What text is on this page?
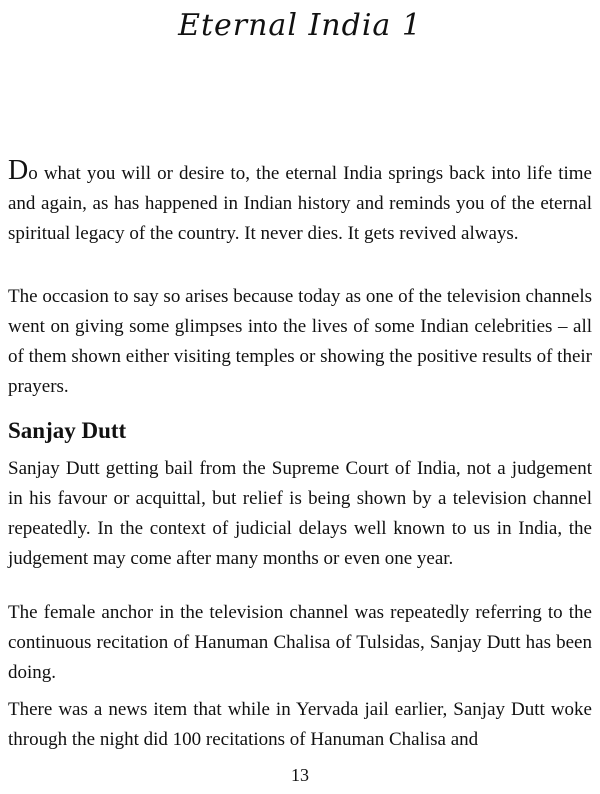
Eternal India 1

Do what you will or desire to, the eternal India springs back into life time and again, as has happened in Indian history and reminds you of the eternal spiritual legacy of the country. It never dies. It gets revived always.

The occasion to say so arises because today as one of the television channels went on giving some glimpses into the lives of some Indian celebrities – all of them shown either visiting temples or showing the positive results of their prayers.

Sanjay Dutt

Sanjay Dutt getting bail from the Supreme Court of India, not a judgement in his favour or acquittal, but relief is being shown by a television channel repeatedly. In the context of judicial delays well known to us in India, the judgement may come after many months or even one year.

The female anchor in the television channel was repeatedly referring to the continuous recitation of Hanuman Chalisa of Tulsidas, Sanjay Dutt has been doing.

There was a news item that while in Yervada jail earlier, Sanjay Dutt woke through the night did 100 recitations of Hanuman Chalisa and

13
